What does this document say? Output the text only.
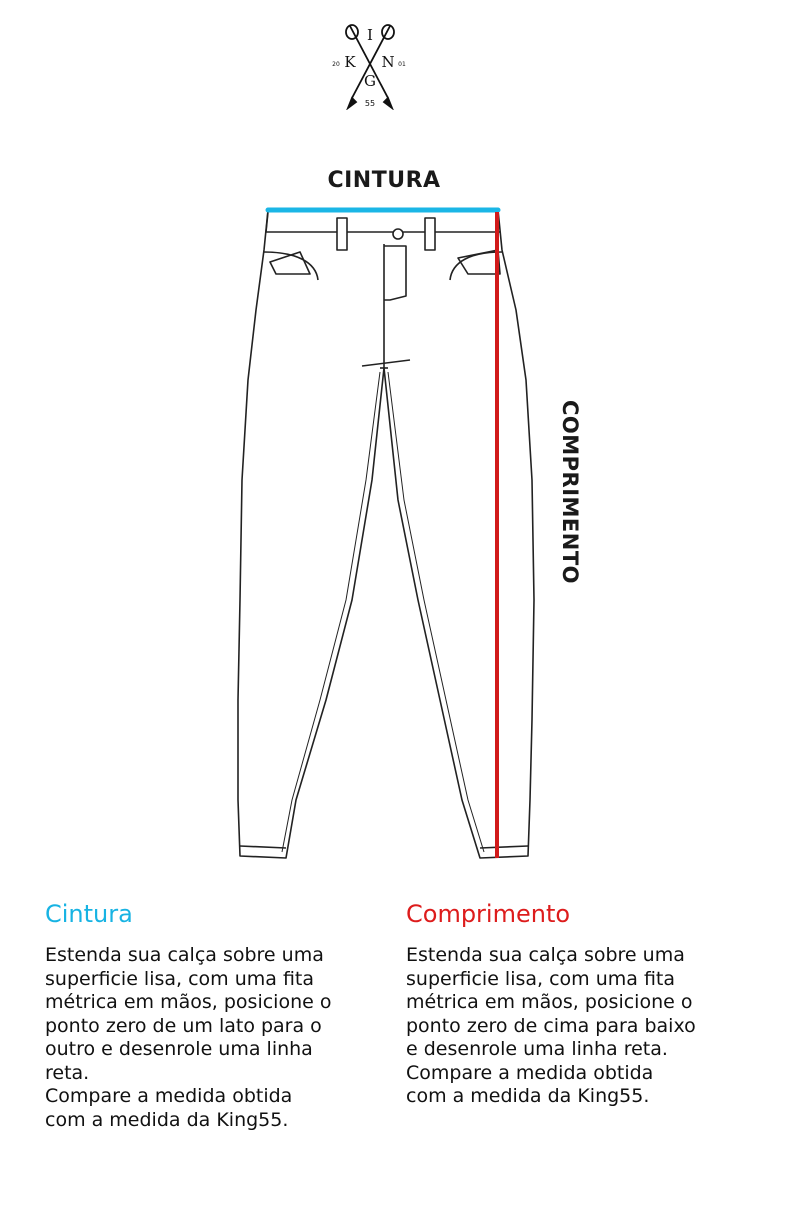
I
K N
G
20	01
55
CINTURA
COMPRIMENTO
Cintura

Estenda sua calça sobre uma
superficie lisa, com uma fita
métrica em mãos, posicione o
ponto zero de um lato para o
outro e desenrole uma linha
reta.
Compare a medida obtida
com a medida da King55.

Comprimento

Estenda sua calça sobre uma
superficie lisa, com uma fita
métrica em mãos, posicione o
ponto zero de cima para baixo
e desenrole uma linha reta.
Compare a medida obtida
com a medida da King55.
